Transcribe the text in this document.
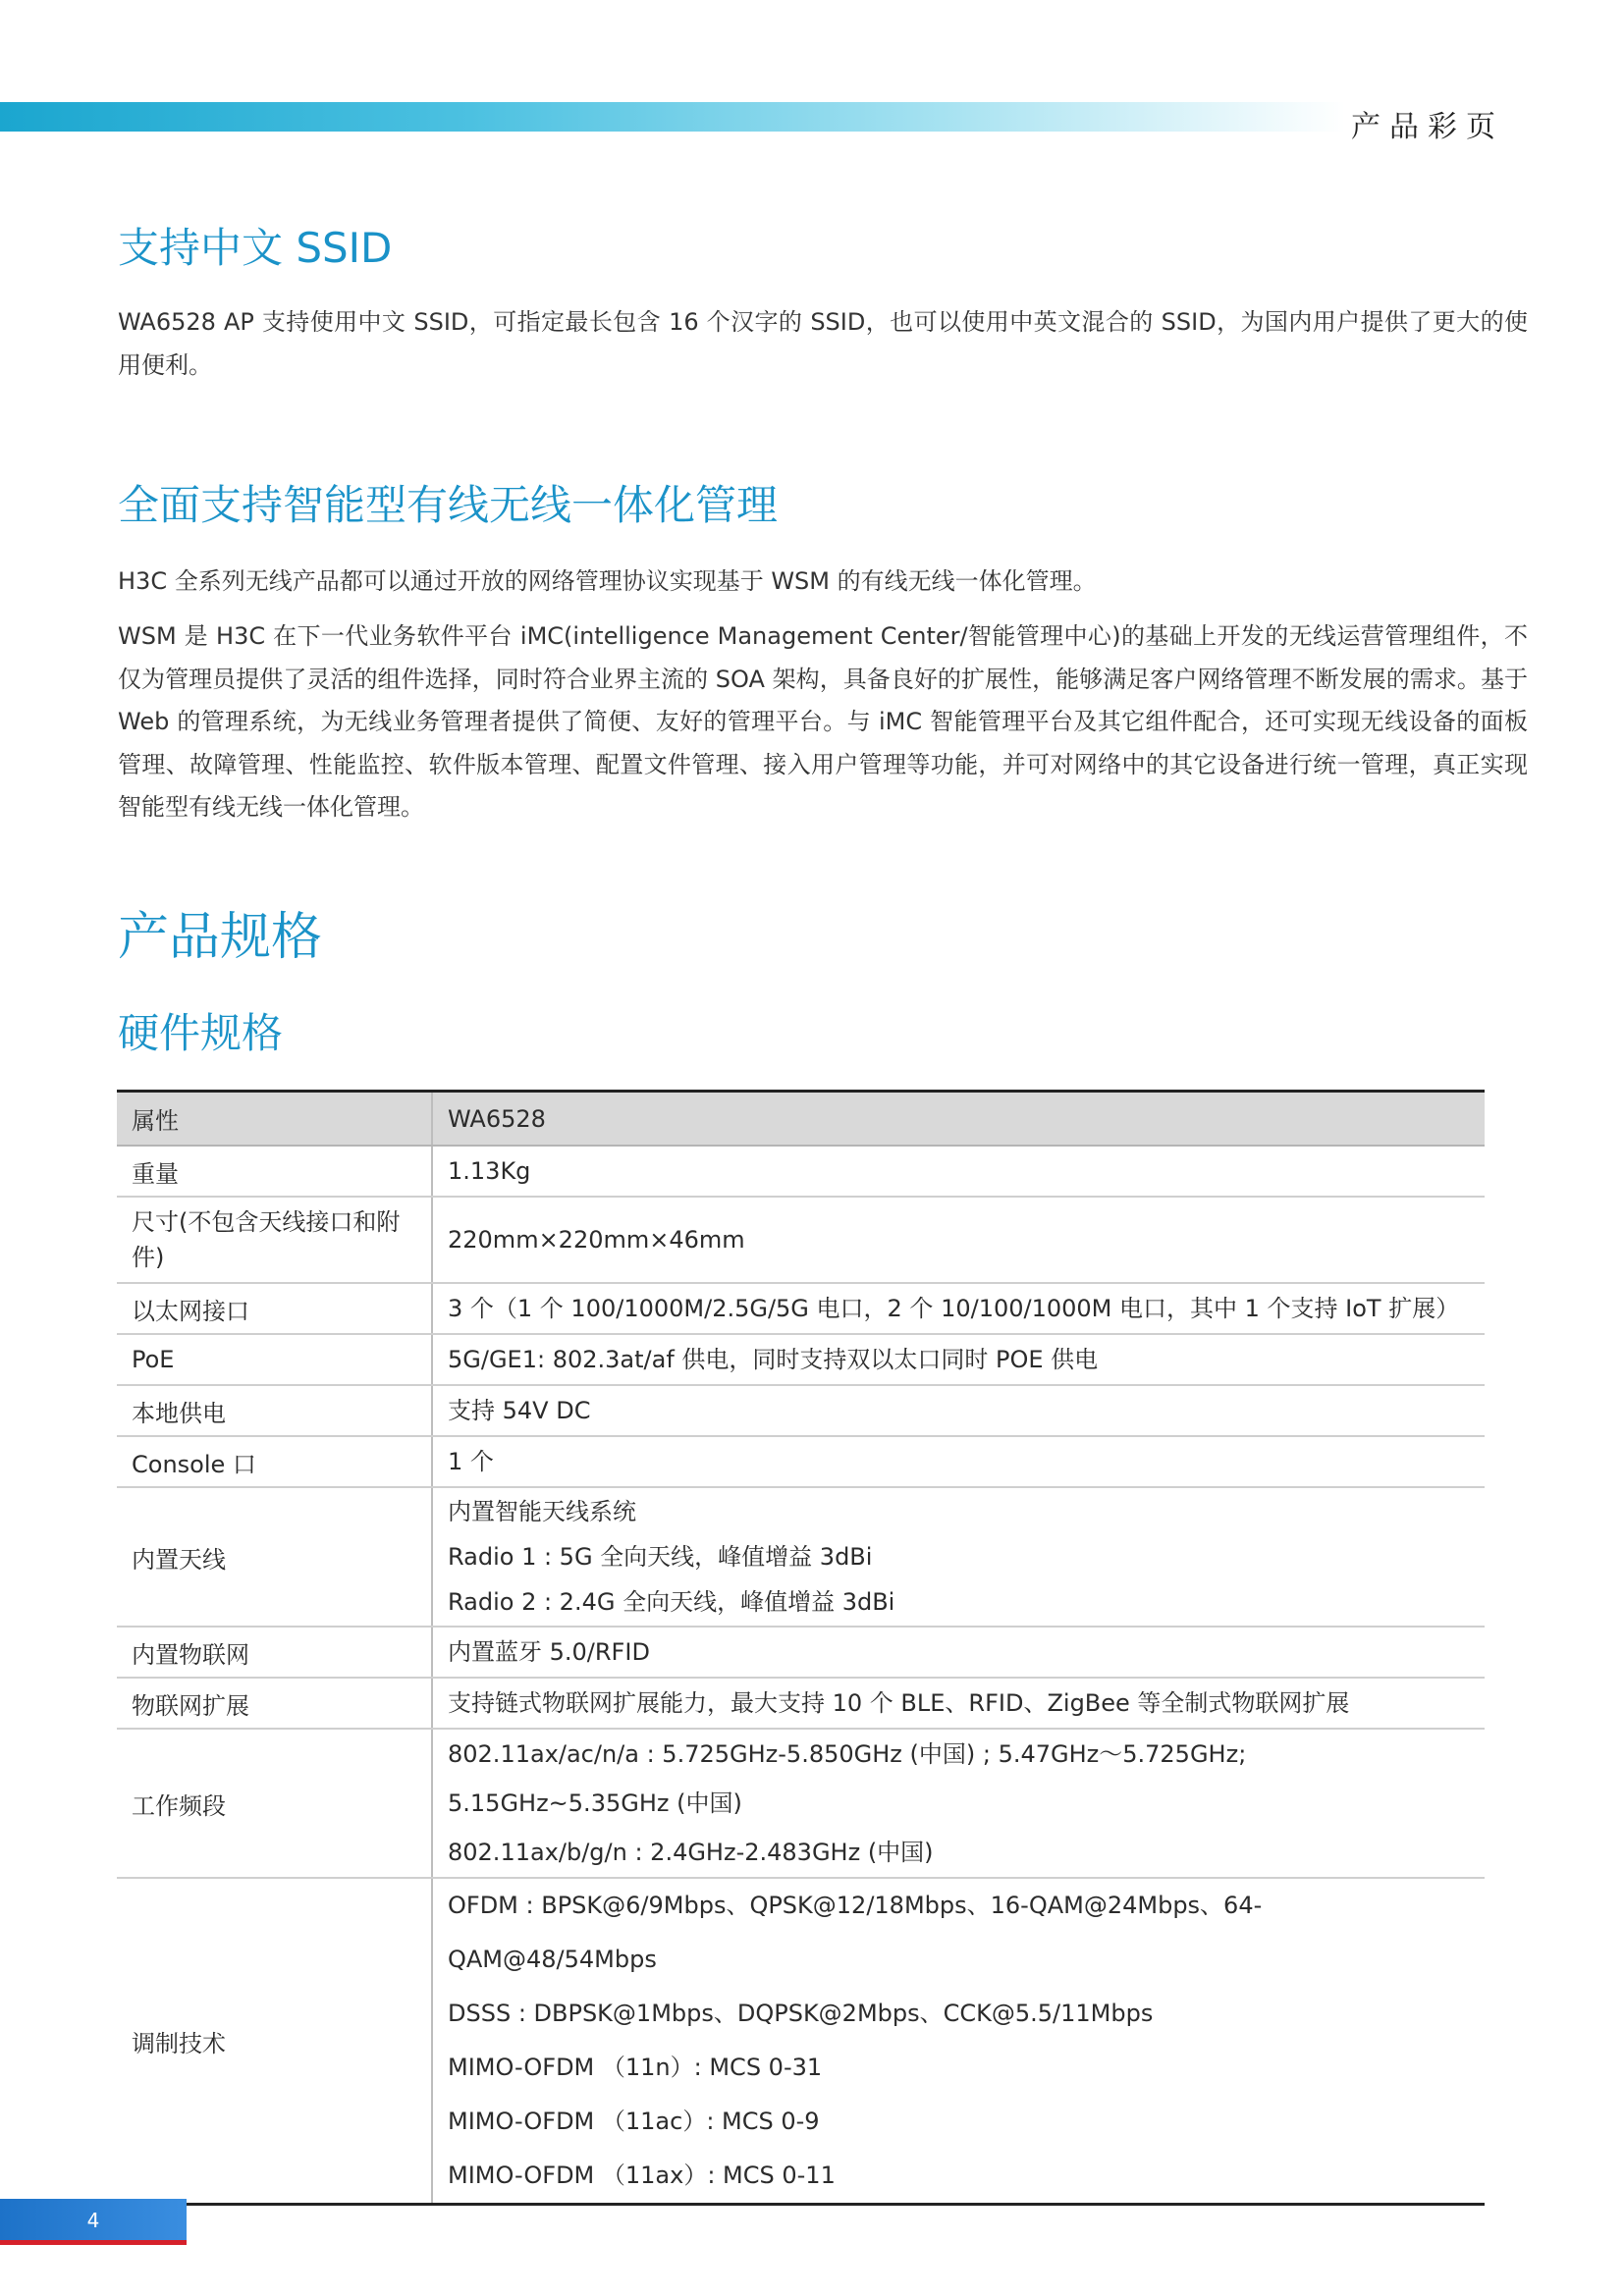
产品彩页
支持中文 SSID

WA6528 AP 支持使用中文 SSID，可指定最长包含 16 个汉字的 SSID，也可以使用中英文混合的 SSID，为国内用户提供了更大的使用便利。

全面支持智能型有线无线一体化管理

H3C 全系列无线产品都可以通过开放的网络管理协议实现基于 WSM 的有线无线一体化管理。

WSM 是 H3C 在下一代业务软件平台 iMC(intelligence Management Center/智能管理中心)的基础上开发的无线运营管理组件，不仅为管理员提供了灵活的组件选择，同时符合业界主流的 SOA 架构，具备良好的扩展性，能够满足客户网络管理不断发展的需求。基于 Web 的管理系统，为无线业务管理者提供了简便、友好的管理平台。与 iMC 智能管理平台及其它组件配合，还可实现无线设备的面板管理、故障管理、性能监控、软件版本管理、配置文件管理、接入用户管理等功能，并可对网络中的其它设备进行统一管理，真正实现智能型有线无线一体化管理。

产品规格
硬件规格
属性	WA6528
重量	1.13Kg

尺寸(不包含天线接口和附件)	220mm×220mm×46mm

以太网接口	3 个（1 个 100/1000M/2.5G/5G 电口，2 个 10/100/1000M 电口，其中 1 个支持 IoT 扩展）

PoE	5G/GE1: 802.3at/af 供电，同时支持双以太口同时 POE 供电

本地供电	支持 54V DC

Console 口	1 个

内置天线	内置智能天线系统
Radio 1 : 5G 全向天线，峰值增益 3dBi
Radio 2 : 2.4G 全向天线，峰值增益 3dBi

内置物联网	内置蓝牙 5.0/RFID

物联网扩展	支持链式物联网扩展能力，最大支持 10 个 BLE、RFID、ZigBee 等全制式物联网扩展

工作频段	802.11ax/ac/n/a : 5.725GHz-5.850GHz (中国) ; 5.47GHz～5.725GHz; 5.15GHz~5.35GHz (中国)
802.11ax/b/g/n : 2.4GHz-2.483GHz (中国)

调制技术	OFDM : BPSK@6/9Mbps、QPSK@12/18Mbps、16-QAM@24Mbps、64-QAM@48/54Mbps
DSSS : DBPSK@1Mbps、DQPSK@2Mbps、CCK@5.5/11Mbps
MIMO-OFDM （11n）: MCS 0-31
MIMO-OFDM （11ac）: MCS 0-9
MIMO-OFDM （11ax）: MCS 0-11
4
